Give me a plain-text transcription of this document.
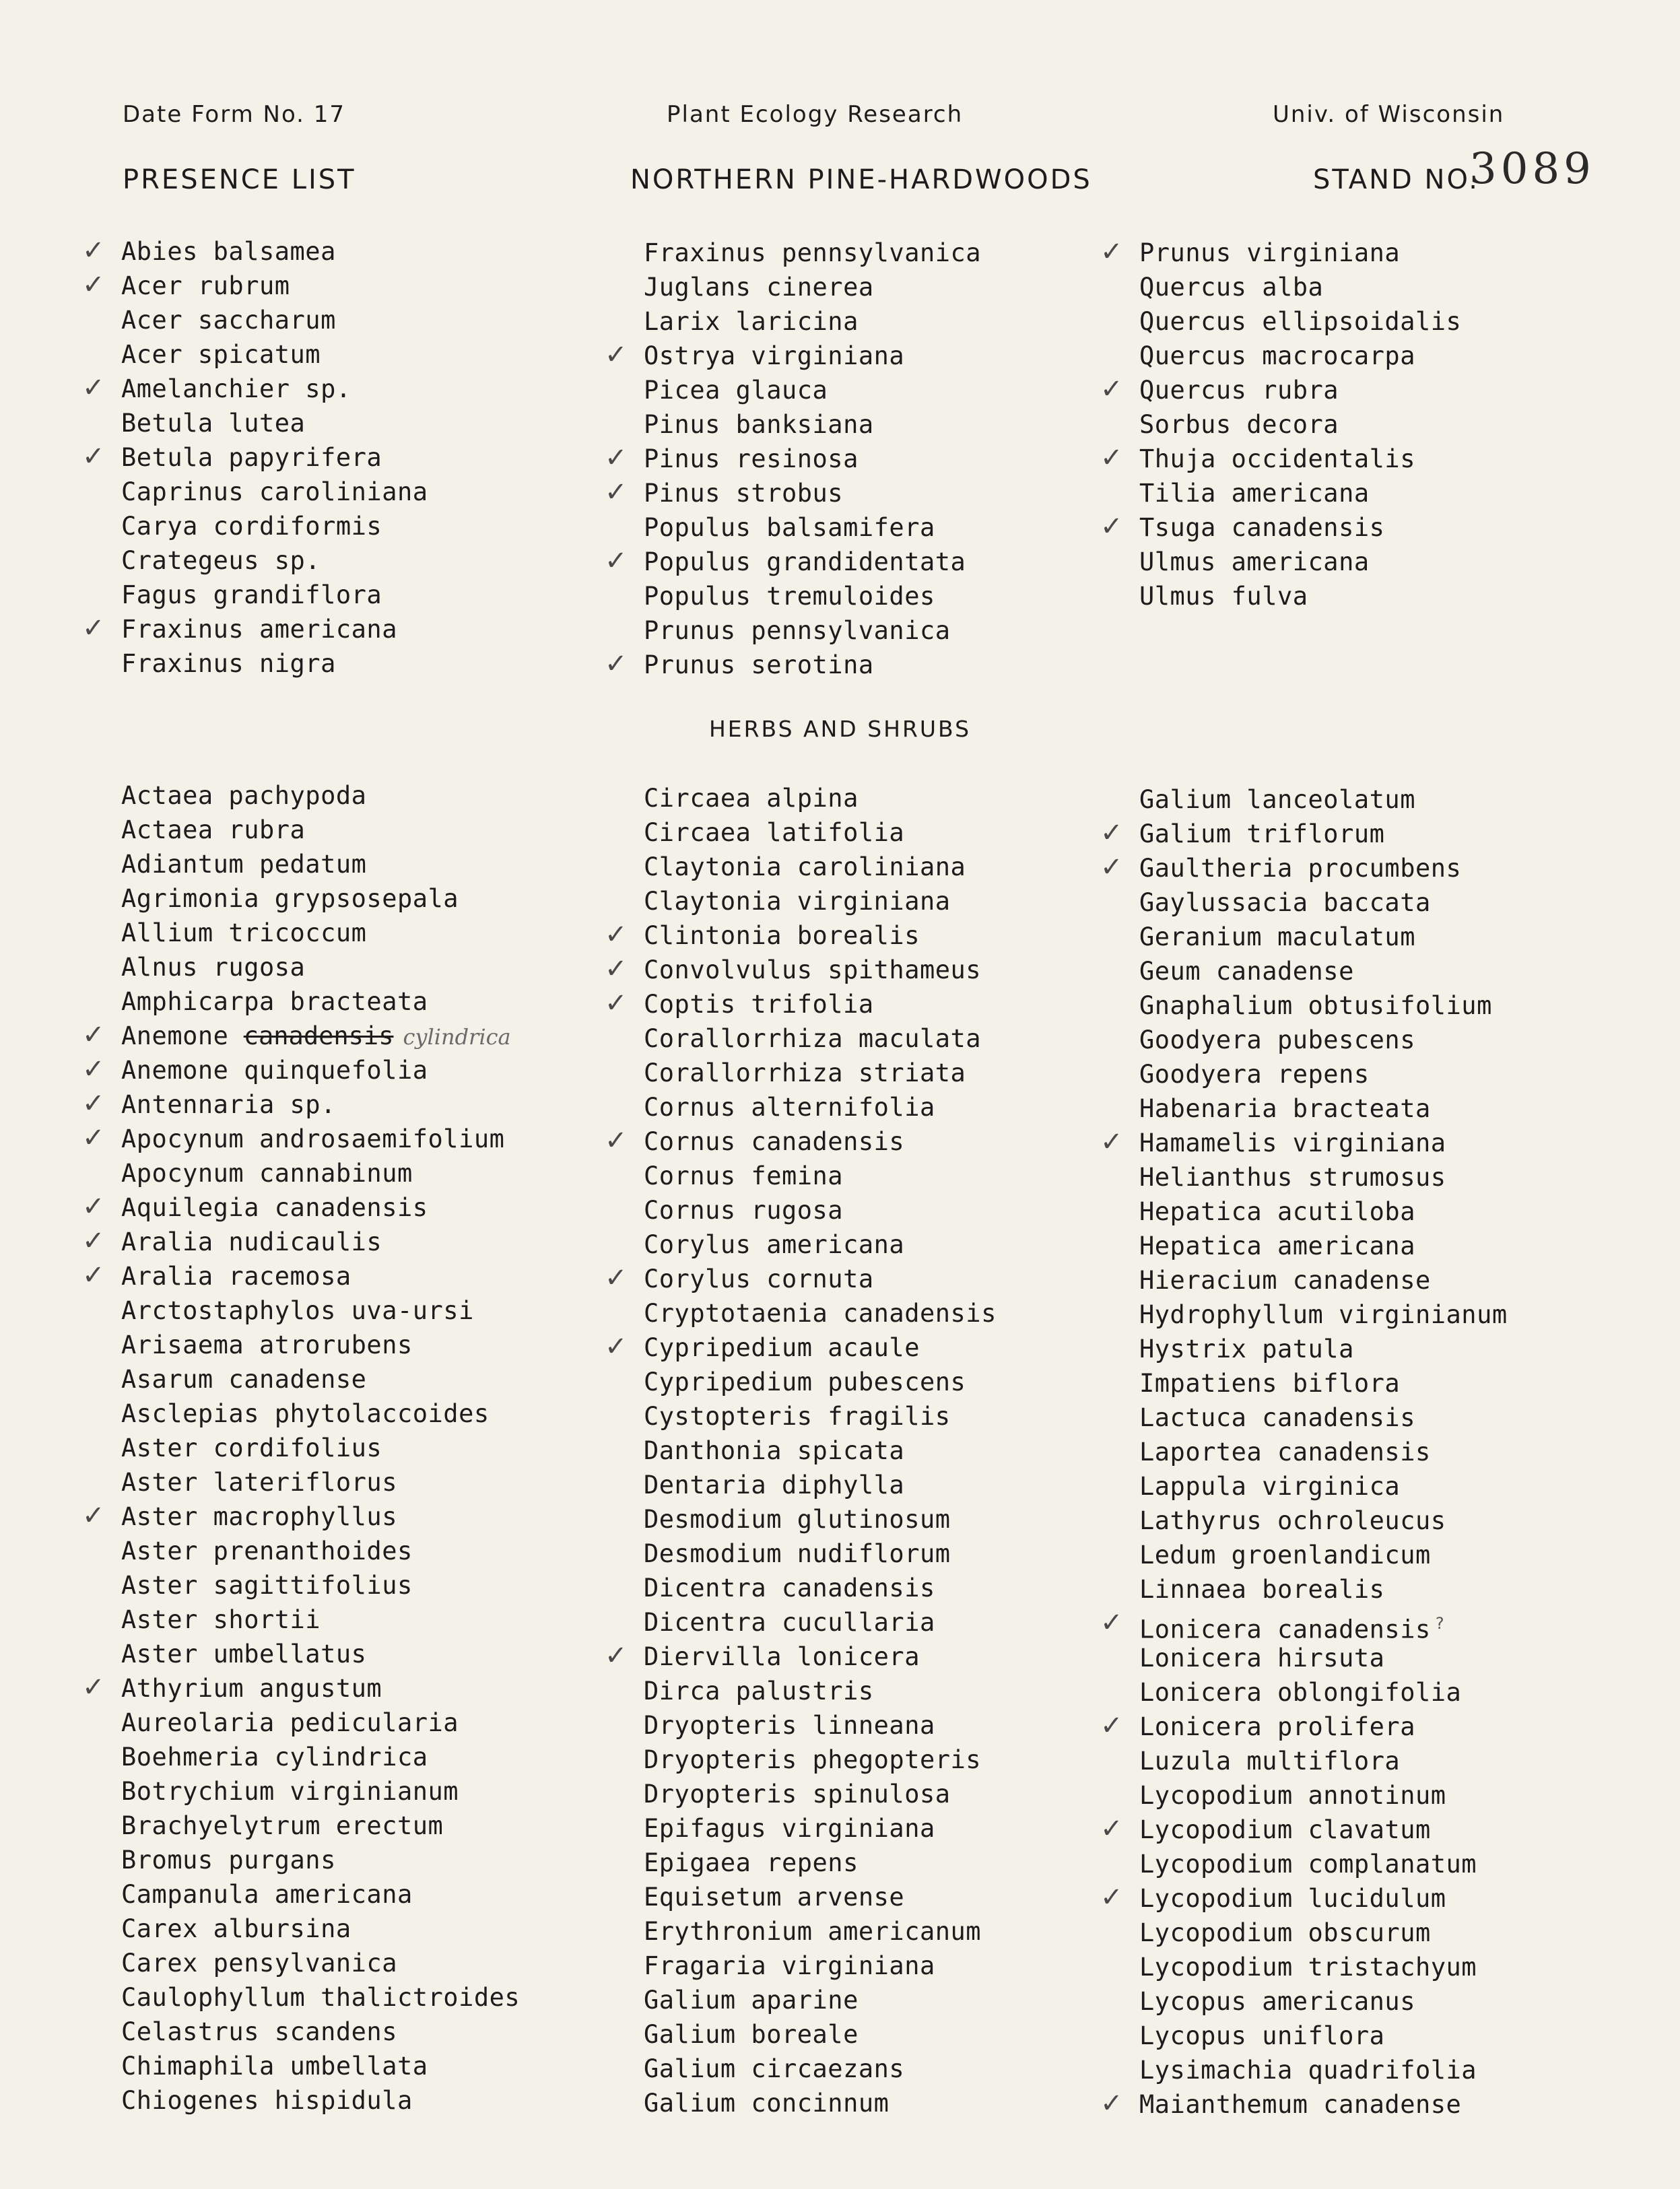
Date Form No. 17	Plant Ecology Research	Univ. of Wisconsin
PRESENCE LIST	NORTHERN PINE-HARDWOODS	STAND NO.
3089
✓ Abies balsamea
✓ Acer rubrum
Acer saccharum
Acer spicatum
✓ Amelanchier sp.
Betula lutea
✓ Betula papyrifera
Caprinus caroliniana
Carya cordiformis
Crategeus sp.
Fagus grandiflora
✓ Fraxinus americana
Fraxinus nigra
Fraxinus pennsylvanica
Juglans cinerea
Larix laricina
✓ Ostrya virginiana
Picea glauca
Pinus banksiana
✓ Pinus resinosa
✓ Pinus strobus
Populus balsamifera
✓ Populus grandidentata
Populus tremuloides
Prunus pennsylvanica
✓ Prunus serotina
✓ Prunus virginiana
Quercus alba
Quercus ellipsoidalis
Quercus macrocarpa
✓ Quercus rubra
Sorbus decora
✓ Thuja occidentalis
Tilia americana
✓ Tsuga canadensis
Ulmus americana
Ulmus fulva
HERBS AND SHRUBS
Actaea pachypoda
Actaea rubra
Adiantum pedatum
Agrimonia grypsosepala
Allium tricoccum
Alnus rugosa
Amphicarpa bracteata
✓ Anemone canadensis cylindrica
✓ Anemone quinquefolia
✓ Antennaria sp.
✓ Apocynum androsaemifolium
Apocynum cannabinum
✓ Aquilegia canadensis
✓ Aralia nudicaulis
✓ Aralia racemosa
Arctostaphylos uva-ursi
Arisaema atrorubens
Asarum canadense
Asclepias phytolaccoides
Aster cordifolius
Aster lateriflorus
✓ Aster macrophyllus
Aster prenanthoides
Aster sagittifolius
Aster shortii
Aster umbellatus
✓ Athyrium angustum
Aureolaria pedicularia
Boehmeria cylindrica
Botrychium virginianum
Brachyelytrum erectum
Bromus purgans
Campanula americana
Carex albursina
Carex pensylvanica
Caulophyllum thalictroides
Celastrus scandens
Chimaphila umbellata
Chiogenes hispidula
Circaea alpina
Circaea latifolia
Claytonia caroliniana
Claytonia virginiana
✓ Clintonia borealis
✓ Convolvulus spithameus
✓ Coptis trifolia
Corallorrhiza maculata
Corallorrhiza striata
Cornus alternifolia
✓ Cornus canadensis
Cornus femina
Cornus rugosa
Corylus americana
✓ Corylus cornuta
Cryptotaenia canadensis
✓ Cypripedium acaule
Cypripedium pubescens
Cystopteris fragilis
Danthonia spicata
Dentaria diphylla
Desmodium glutinosum
Desmodium nudiflorum
Dicentra canadensis
Dicentra cucullaria
✓ Diervilla lonicera
Dirca palustris
Dryopteris linneana
Dryopteris phegopteris
Dryopteris spinulosa
Epifagus virginiana
Epigaea repens
Equisetum arvense
Erythronium americanum
Fragaria virginiana
Galium aparine
Galium boreale
Galium circaezans
Galium concinnum
Galium lanceolatum
✓ Galium triflorum
✓ Gaultheria procumbens
Gaylussacia baccata
Geranium maculatum
Geum canadense
Gnaphalium obtusifolium
Goodyera pubescens
Goodyera repens
Habenaria bracteata
✓ Hamamelis virginiana
Helianthus strumosus
Hepatica acutiloba
Hepatica americana
Hieracium canadense
Hydrophyllum virginianum
Hystrix patula
Impatiens biflora
Lactuca canadensis
Laportea canadensis
Lappula virginica
Lathyrus ochroleucus
Ledum groenlandicum
Linnaea borealis
✓ Lonicera canadensis ?
Lonicera hirsuta
Lonicera oblongifolia
✓ Lonicera prolifera
Luzula multiflora
Lycopodium annotinum
✓ Lycopodium clavatum
Lycopodium complanatum
✓ Lycopodium lucidulum
Lycopodium obscurum
Lycopodium tristachyum
Lycopus americanus
Lycopus uniflora
Lysimachia quadrifolia
✓ Maianthemum canadense
